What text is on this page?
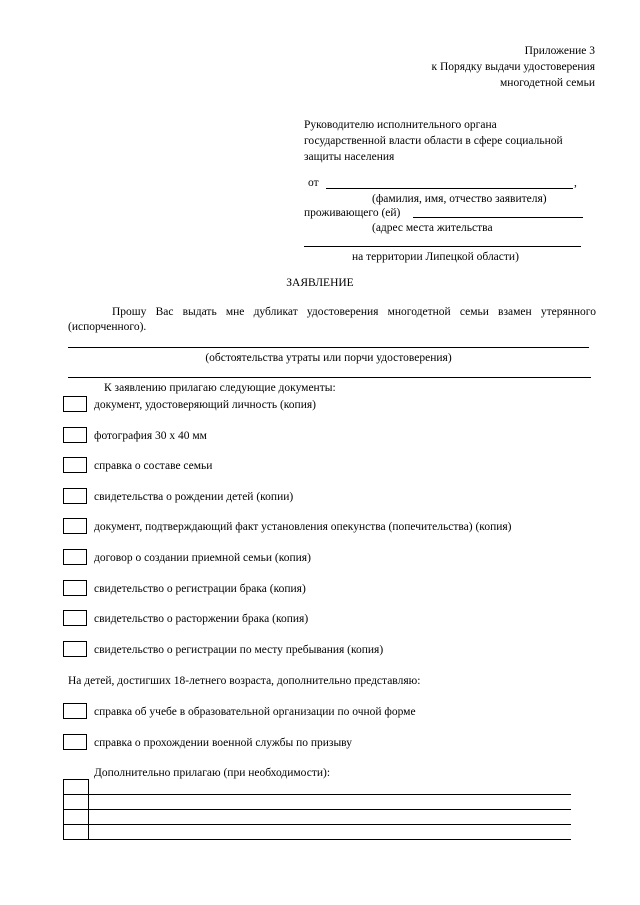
Приложение 3
к Порядку выдачи удостоверения
многодетной семьи
Руководителю исполнительного органа
государственной власти области в сфере социальной
защиты населения
от	,
(фамилия, имя, отчество заявителя)
проживающего (ей)
(адрес места жительства
на территории Липецкой области)
ЗАЯВЛЕНИЕ
Прошу Вас выдать мне дубликат удостоверения многодетной семьи взамен утерянного (испорченного).
(обстоятельства утраты или порчи удостоверения)
К заявлению прилагаю следующие документы:
документ, удостоверяющий личность (копия)
фотография 30 х 40 мм
справка о составе семьи
свидетельства о рождении детей (копии)
документ, подтверждающий факт установления опекунства (попечительства) (копия)
договор о создании приемной семьи (копия)
свидетельство о регистрации брака (копия)
свидетельство о расторжении брака (копия)
свидетельство о регистрации по месту пребывания (копия)
На детей, достигших 18-летнего возраста, дополнительно представляю:
справка об учебе в образовательной организации по очной форме
справка о прохождении военной службы по призыву
Дополнительно прилагаю (при необходимости):
